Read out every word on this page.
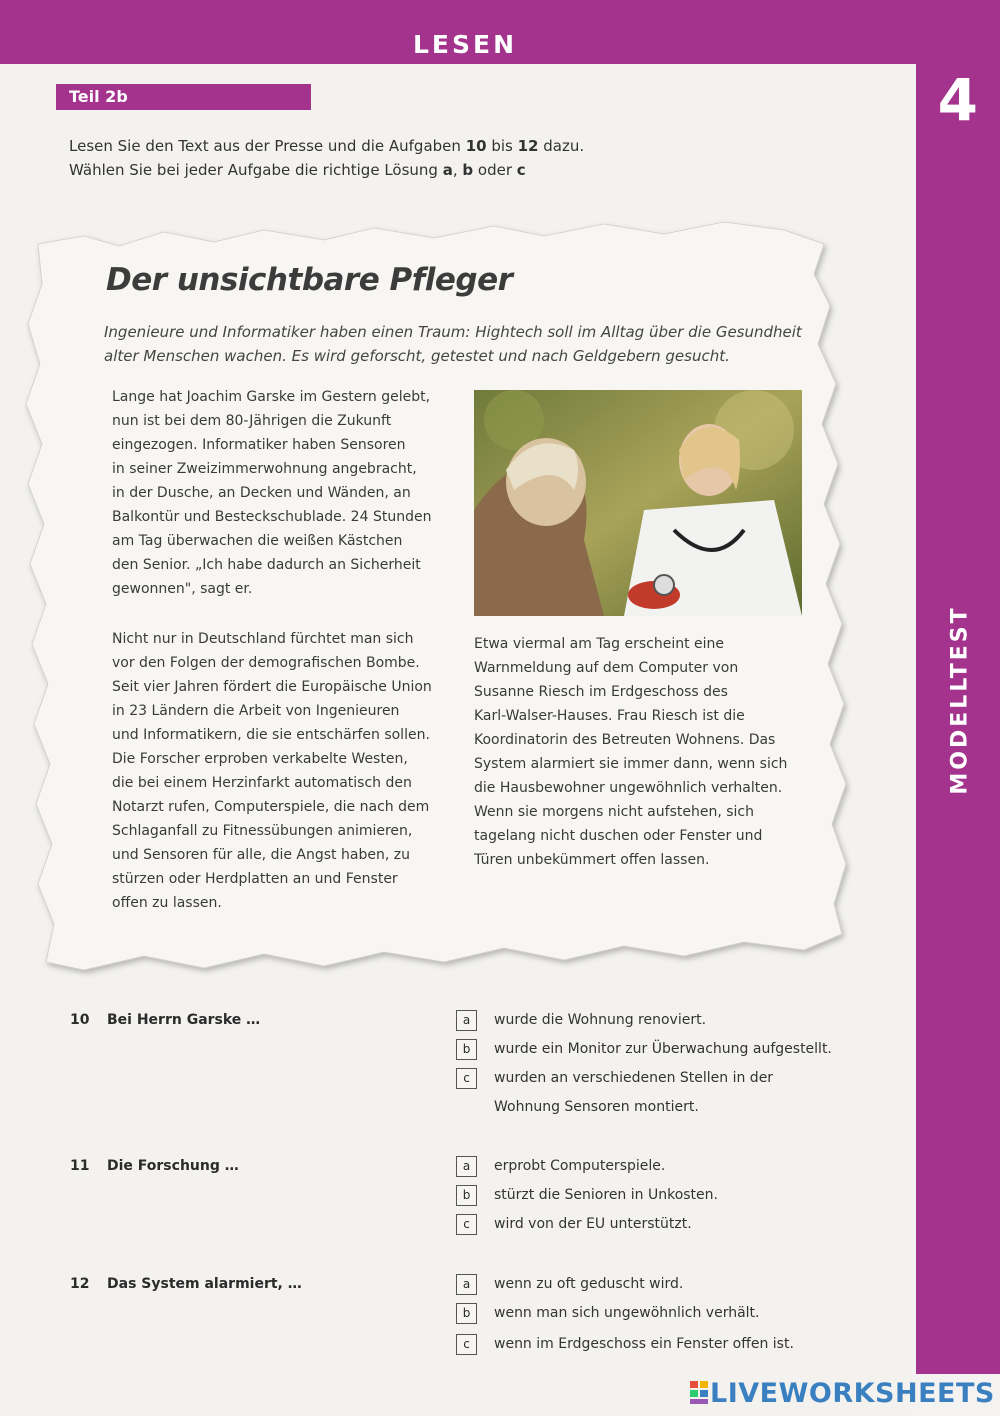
LESEN
4
MODELLTEST
Teil 2b
Lesen Sie den Text aus der Presse und die Aufgaben 10 bis 12 dazu.
Wählen Sie bei jeder Aufgabe die richtige Lösung a, b oder c
Der unsichtbare Pfleger
Ingenieure und Informatiker haben einen Traum: Hightech soll im Alltag über die Gesundheit alter Menschen wachen. Es wird geforscht, getestet und nach Geldgebern gesucht.
Lange hat Joachim Garske im Gestern gelebt,
nun ist bei dem 80-Jährigen die Zukunft
eingezogen. Informatiker haben Sensoren
in seiner Zweizimmerwohnung angebracht,
in der Dusche, an Decken und Wänden, an
Balkontür und Besteckschublade. 24 Stunden
am Tag überwachen die weißen Kästchen
den Senior. „Ich habe dadurch an Sicherheit
gewonnen", sagt er.
Nicht nur in Deutschland fürchtet man sich
vor den Folgen der demografischen Bombe.
Seit vier Jahren fördert die Europäische Union
in 23 Ländern die Arbeit von Ingenieuren
und Informatikern, die sie entschärfen sollen.
Die Forscher erproben verkabelte Westen,
die bei einem Herzinfarkt automatisch den
Notarzt rufen, Computerspiele, die nach dem
Schlaganfall zu Fitnessübungen animieren,
und Sensoren für alle, die Angst haben, zu
stürzen oder Herdplatten an und Fenster
offen zu lassen.
Etwa viermal am Tag erscheint eine
Warnmeldung auf dem Computer von
Susanne Riesch im Erdgeschoss des
Karl-Walser-Hauses. Frau Riesch ist die
Koordinatorin des Betreuten Wohnens. Das
System alarmiert sie immer dann, wenn sich
die Hausbewohner ungewöhnlich verhalten.
Wenn sie morgens nicht aufstehen, sich
tagelang nicht duschen oder Fenster und
Türen unbekümmert offen lassen.
10 Bei Herrn Garske …	a	wurde die Wohnung renoviert.
b	wurde ein Monitor zur Überwachung aufgestellt.
c	wurden an verschiedenen Stellen in der
Wohnung Sensoren montiert.
11 Die Forschung …	a	erprobt Computerspiele.
b	stürzt die Senioren in Unkosten.
c	wird von der EU unterstützt.
12 Das System alarmiert, …	a	wenn zu oft geduscht wird.
b	wenn man sich ungewöhnlich verhält.
c	wenn im Erdgeschoss ein Fenster offen ist.
LIVEWORKSHEETS
